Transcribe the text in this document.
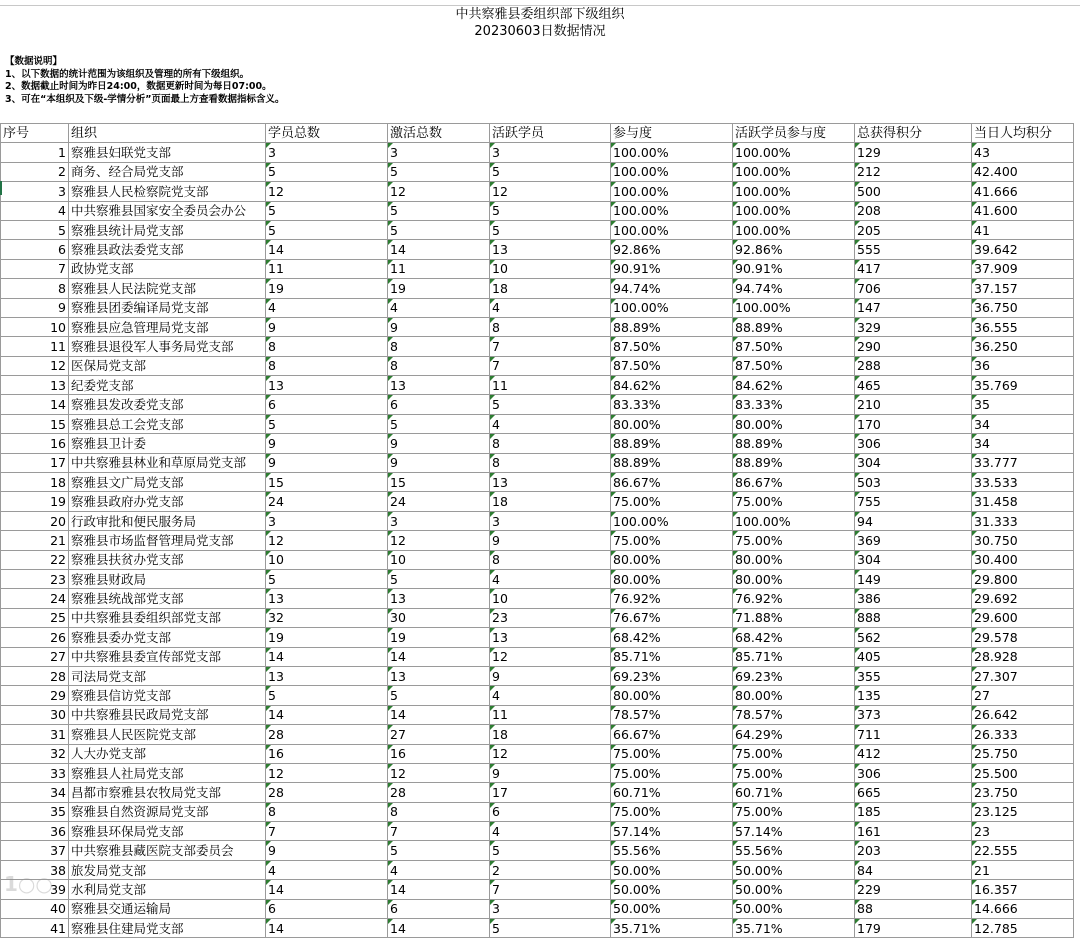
中共察雅县委组织部下级组织
20230603日数据情况
【数据说明】
1、以下数据的统计范围为该组织及管理的所有下级组织。
2、数据截止时间为昨日24:00，数据更新时间为每日07:00。
3、可在“本组织及下级-学情分析”页面最上方查看数据指标含义。
序号	组织	学员总数	激活总数	活跃学员	参与度	活跃学员参与度	总获得积分	当日人均积分
1	察雅县妇联党支部	3	3	3	100.00%	100.00%	129	43
2	商务、经合局党支部	5	5	5	100.00%	100.00%	212	42.400
3	察雅县人民检察院党支部	12	12	12	100.00%	100.00%	500	41.666
4	中共察雅县国家安全委员会办公	5	5	5	100.00%	100.00%	208	41.600
5	察雅县统计局党支部	5	5	5	100.00%	100.00%	205	41
6	察雅县政法委党支部	14	14	13	92.86%	92.86%	555	39.642
7	政协党支部	11	11	10	90.91%	90.91%	417	37.909
8	察雅县人民法院党支部	19	19	18	94.74%	94.74%	706	37.157
9	察雅县团委编译局党支部	4	4	4	100.00%	100.00%	147	36.750
10	察雅县应急管理局党支部	9	9	8	88.89%	88.89%	329	36.555
11	察雅县退役军人事务局党支部	8	8	7	87.50%	87.50%	290	36.250
12	医保局党支部	8	8	7	87.50%	87.50%	288	36
13	纪委党支部	13	13	11	84.62%	84.62%	465	35.769
14	察雅县发改委党支部	6	6	5	83.33%	83.33%	210	35
15	察雅县总工会党支部	5	5	4	80.00%	80.00%	170	34
16	察雅县卫计委	9	9	8	88.89%	88.89%	306	34
17	中共察雅县林业和草原局党支部	9	9	8	88.89%	88.89%	304	33.777
18	察雅县文广局党支部	15	15	13	86.67%	86.67%	503	33.533
19	察雅县政府办党支部	24	24	18	75.00%	75.00%	755	31.458
20	行政审批和便民服务局	3	3	3	100.00%	100.00%	94	31.333
21	察雅县市场监督管理局党支部	12	12	9	75.00%	75.00%	369	30.750
22	察雅县扶贫办党支部	10	10	8	80.00%	80.00%	304	30.400
23	察雅县财政局	5	5	4	80.00%	80.00%	149	29.800
24	察雅县统战部党支部	13	13	10	76.92%	76.92%	386	29.692
25	中共察雅县委组织部党支部	32	30	23	76.67%	71.88%	888	29.600
26	察雅县委办党支部	19	19	13	68.42%	68.42%	562	29.578
27	中共察雅县委宣传部党支部	14	14	12	85.71%	85.71%	405	28.928
28	司法局党支部	13	13	9	69.23%	69.23%	355	27.307
29	察雅县信访党支部	5	5	4	80.00%	80.00%	135	27
30	中共察雅县民政局党支部	14	14	11	78.57%	78.57%	373	26.642
31	察雅县人民医院党支部	28	27	18	66.67%	64.29%	711	26.333
32	人大办党支部	16	16	12	75.00%	75.00%	412	25.750
33	察雅县人社局党支部	12	12	9	75.00%	75.00%	306	25.500
34	昌都市察雅县农牧局党支部	28	28	17	60.71%	60.71%	665	23.750
35	察雅县自然资源局党支部	8	8	6	75.00%	75.00%	185	23.125
36	察雅县环保局党支部	7	7	4	57.14%	57.14%	161	23
37	中共察雅县藏医院支部委员会	9	5	5	55.56%	55.56%	203	22.555
38	旅发局党支部	4	4	2	50.00%	50.00%	84	21
39	水利局党支部	14	14	7	50.00%	50.00%	229	16.357
40	察雅县交通运输局	6	6	3	50.00%	50.00%	88	14.666
41	察雅县住建局党支部	14	14	5	35.71%	35.71%	179	12.785
1○○
